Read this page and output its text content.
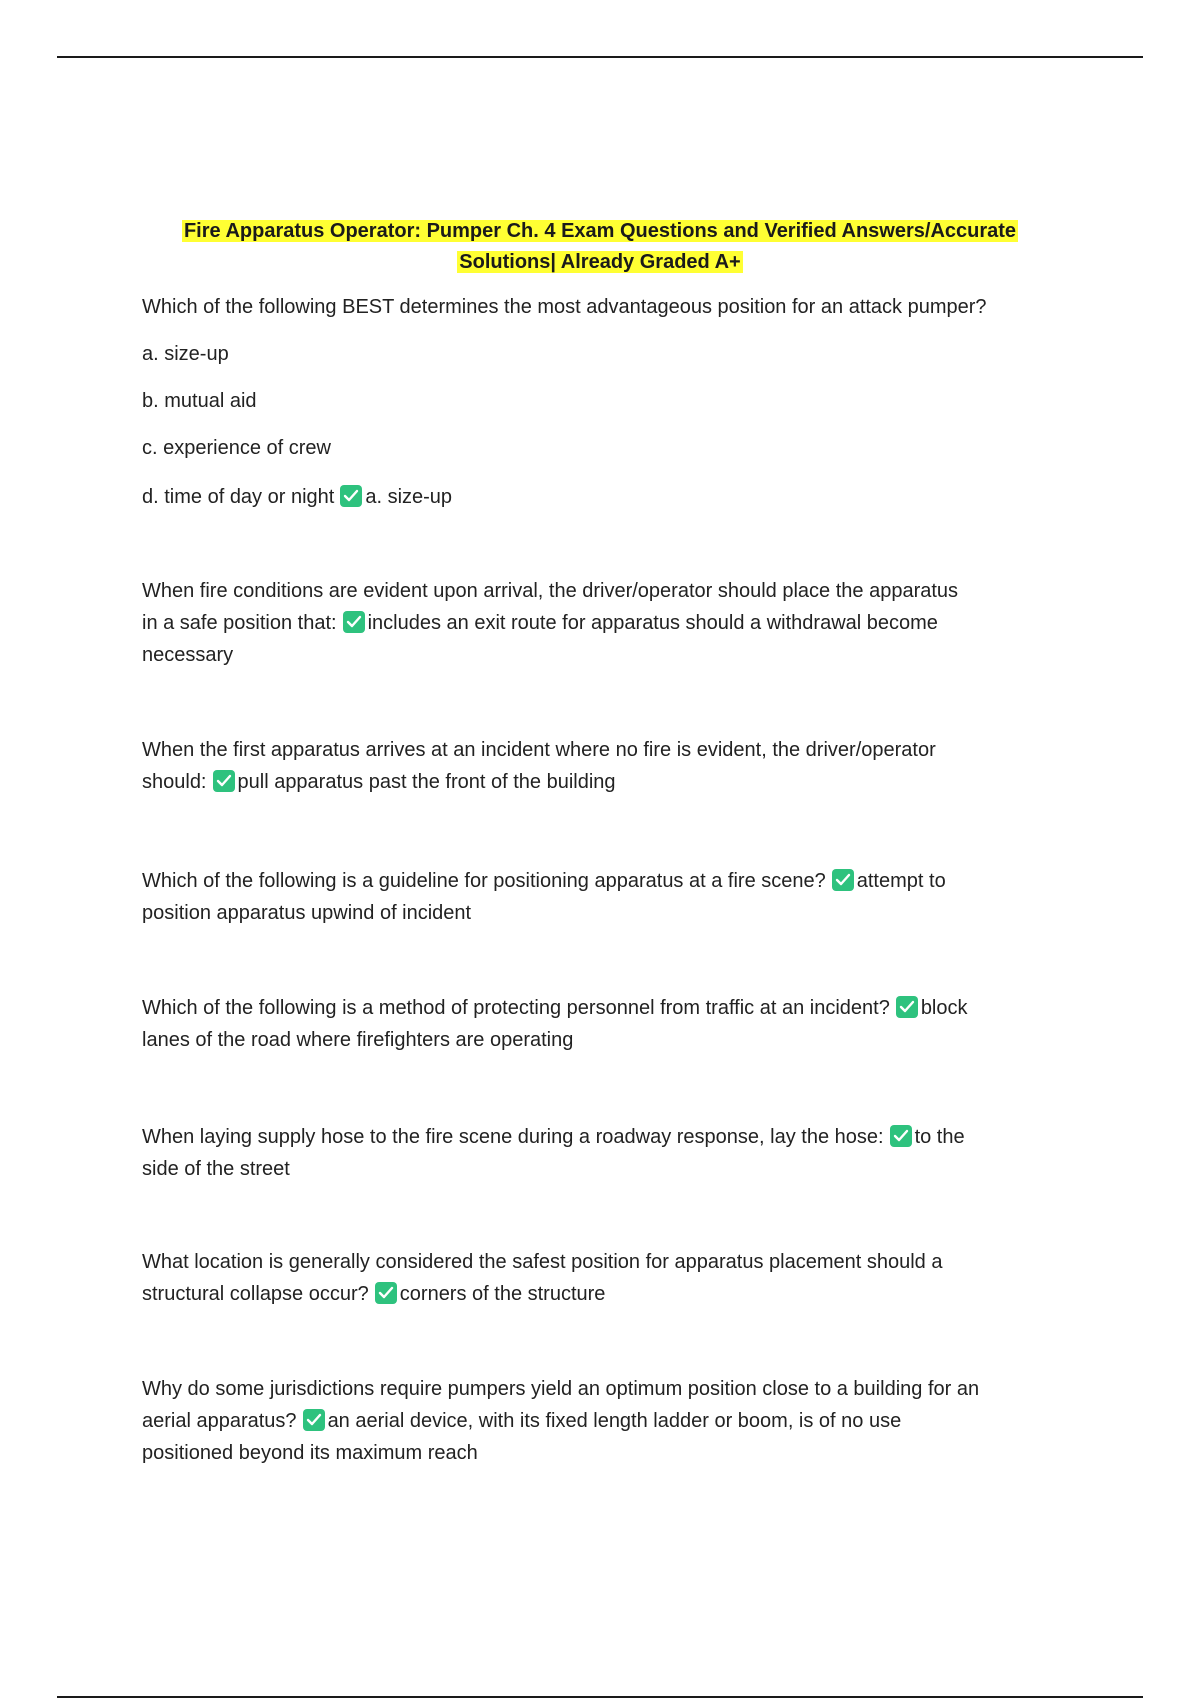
Fire Apparatus Operator: Pumper Ch. 4 Exam Questions and Verified Answers/Accurate
Solutions| Already Graded A+
Which of the following BEST determines the most advantageous position for an attack pumper?
a. size-up
b. mutual aid
c. experience of crew
d. time of day or night a. size-up
When fire conditions are evident upon arrival, the driver/operator should place the apparatus
in a safe position that: includes an exit route for apparatus should a withdrawal become
necessary
When the first apparatus arrives at an incident where no fire is evident, the driver/operator
should: pull apparatus past the front of the building
Which of the following is a guideline for positioning apparatus at a fire scene? attempt to
position apparatus upwind of incident
Which of the following is a method of protecting personnel from traffic at an incident? block
lanes of the road where firefighters are operating
When laying supply hose to the fire scene during a roadway response, lay the hose: to the
side of the street
What location is generally considered the safest position for apparatus placement should a
structural collapse occur? corners of the structure
Why do some jurisdictions require pumpers yield an optimum position close to a building for an
aerial apparatus? an aerial device, with its fixed length ladder or boom, is of no use
positioned beyond its maximum reach
